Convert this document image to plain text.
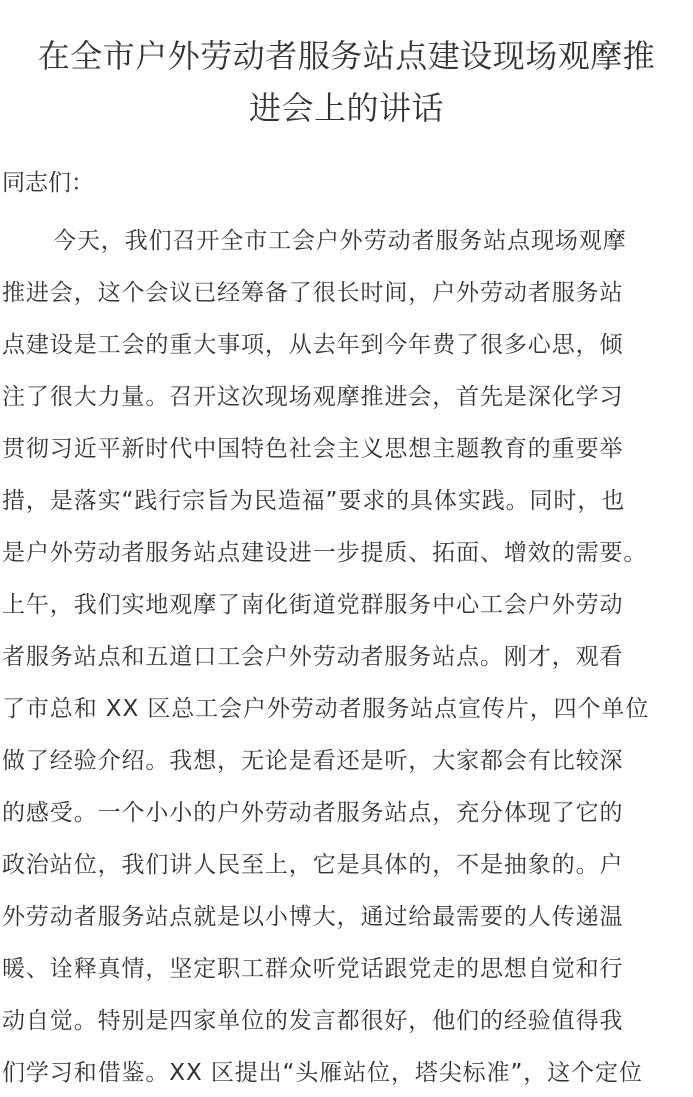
在全市户外劳动者服务站点建设现场观摩推
进会上的讲话

同志们：

今天，我们召开全市工会户外劳动者服务站点现场观摩
推进会，这个会议已经筹备了很长时间，户外劳动者服务站
点建设是工会的重大事项，从去年到今年费了很多心思，倾
注了很大力量。召开这次现场观摩推进会，首先是深化学习
贯彻习近平新时代中国特色社会主义思想主题教育的重要举
措，是落实“践行宗旨为民造福”要求的具体实践。同时，也
是户外劳动者服务站点建设进一步提质、拓面、增效的需要。
上午，我们实地观摩了南化街道党群服务中心工会户外劳动
者服务站点和五道口工会户外劳动者服务站点。刚才，观看
了市总和 XX 区总工会户外劳动者服务站点宣传片，四个单位
做了经验介绍。我想，无论是看还是听，大家都会有比较深
的感受。一个小小的户外劳动者服务站点，充分体现了它的
政治站位，我们讲人民至上，它是具体的，不是抽象的。户
外劳动者服务站点就是以小博大，通过给最需要的人传递温
暖、诠释真情，坚定职工群众听党话跟党走的思想自觉和行
动自觉。特别是四家单位的发言都很好，他们的经验值得我
们学习和借鉴。XX 区提出“头雁站位，塔尖标准”，这个定位
